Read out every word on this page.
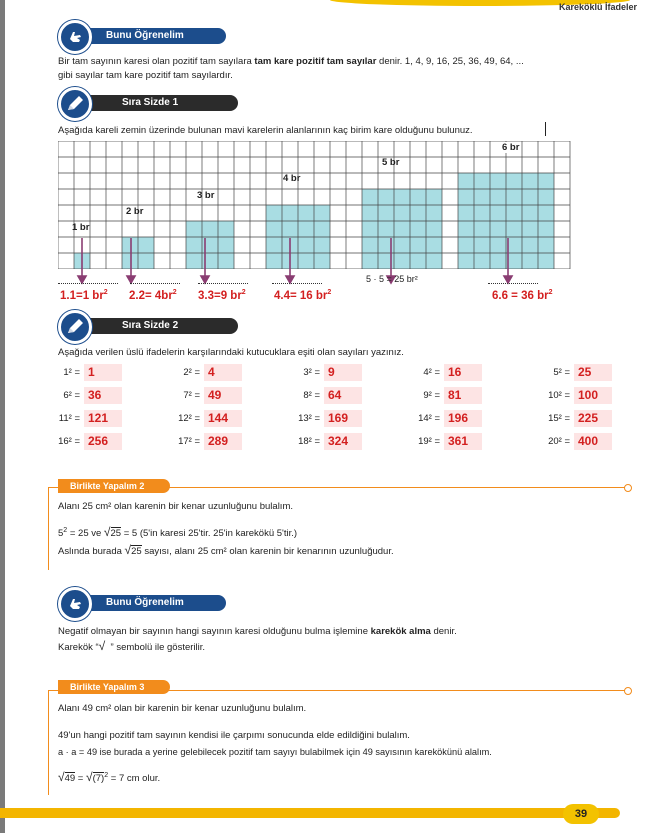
Kareköklü İfadeler
Bunu Öğrenelim
Bir tam sayının karesi olan pozitif tam sayılara tam kare pozitif tam sayılar denir. 1, 4, 9, 16, 25, 36, 49, 64, ...
gibi sayılar tam kare pozitif tam sayılardır.
Sıra Sizde 1
Aşağıda kareli zemin üzerinde bulunan mavi karelerin alanlarının kaç birim kare olduğunu bulunuz.
1 br
2 br
3 br
4 br
5 br
6 br
1.1=1 $br^2$ $2.2= 4br^2$ 3.3=9 $br^2$ 4.4= 16 $br^2$
5 · 5 = 25 br²
6.6 = 36 $br^2$
Sıra Sizde 2
Aşağıda verilen üslü ifadelerin karşılarındaki kutucuklara eşiti olan sayıları yazınız.
1² = 1	2² = 4	3² = 9	4² = 16	5² = 25
6² = 36	7² = 49	8² = 64	9² = 81	10² = 100
11² = 121	12² = 144	13² = 169	14² = 196	15² = 225
16² = 256	17² = 289	18² = 324	19² = 361	20² = 400
Birlikte Yapalım 2
Alanı 25 cm² olan karenin bir kenar uzunluğunu bulalım.
$5^2 = 25$ ve √25 = 5 (5'in karesi 25'tir. 25'in karekökü 5'tir.)
Aslında burada √25 sayısı, alanı 25 cm² olan karenin bir kenarının uzunluğudur.
Bunu Öğrenelim
Negatif olmayan bir sayının hangi sayının karesi olduğunu bulma işlemine karekök alma denir.
Karekök “√ ” sembolü ile gösterilir.
Birlikte Yapalım 3
Alanı 49 cm² olan bir karenin bir kenar uzunluğunu bulalım.
49'un hangi pozitif tam sayının kendisi ile çarpımı sonucunda elde edildiğini bulalım.
a · a = 49 ise burada a yerine gelebilecek pozitif tam sayıyı bulabilmek için 49 sayısının karekökünü alalım.
$√49 = √(7)^2 = 7$ cm olur.
39
